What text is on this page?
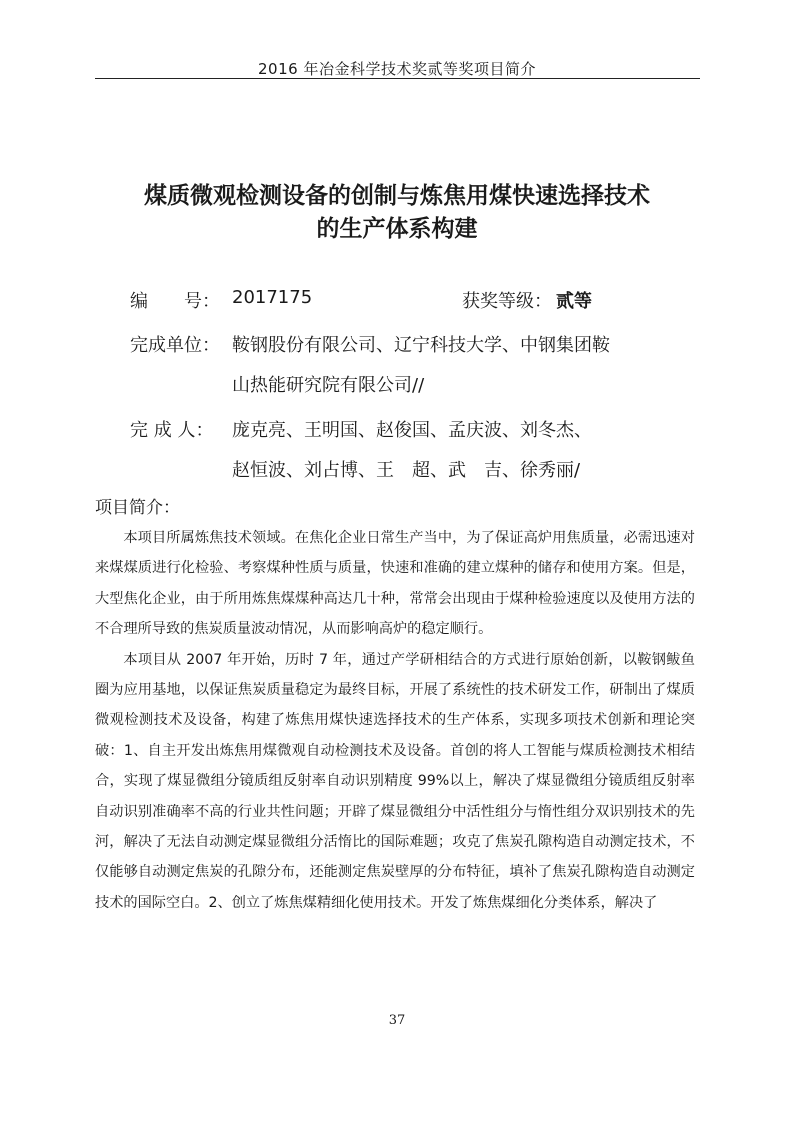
2016 年冶金科学技术奖贰等奖项目简介
煤质微观检测设备的创制与炼焦用煤快速选择技术
的生产体系构建
编　　号： 2017175	获奖等级： 贰等
完成单位： 鞍钢股份有限公司、辽宁科技大学、中钢集团鞍
山热能研究院有限公司//
完 成 人： 庞克亮、王明国、赵俊国、孟庆波、刘冬杰、
赵恒波、刘占博、王　超、武　吉、徐秀丽/
项目简介：

本项目所属炼焦技术领域。在焦化企业日常生产当中，为了保证高炉用焦质量，必需迅速对来煤煤质进行化检验、考察煤种性质与质量，快速和准确的建立煤种的储存和使用方案。但是，大型焦化企业，由于所用炼焦煤煤种高达几十种，常常会出现由于煤种检验速度以及使用方法的不合理所导致的焦炭质量波动情况，从而影响高炉的稳定顺行。

本项目从 2007 年开始，历时 7 年，通过产学研相结合的方式进行原始创新，以鞍钢鲅鱼圈为应用基地，以保证焦炭质量稳定为最终目标，开展了系统性的技术研发工作，研制出了煤质微观检测技术及设备，构建了炼焦用煤快速选择技术的生产体系，实现多项技术创新和理论突破：1、自主开发出炼焦用煤微观自动检测技术及设备。首创的将人工智能与煤质检测技术相结合，实现了煤显微组分镜质组反射率自动识别精度 99%以上，解决了煤显微组分镜质组反射率自动识别准确率不高的行业共性问题；开辟了煤显微组分中活性组分与惰性组分双识别技术的先河，解决了无法自动测定煤显微组分活惰比的国际难题；攻克了焦炭孔隙构造自动测定技术，不仅能够自动测定焦炭的孔隙分布，还能测定焦炭壁厚的分布特征，填补了焦炭孔隙构造自动测定技术的国际空白。2、创立了炼焦煤精细化使用技术。开发了炼焦煤细化分类体系，解决了

37
